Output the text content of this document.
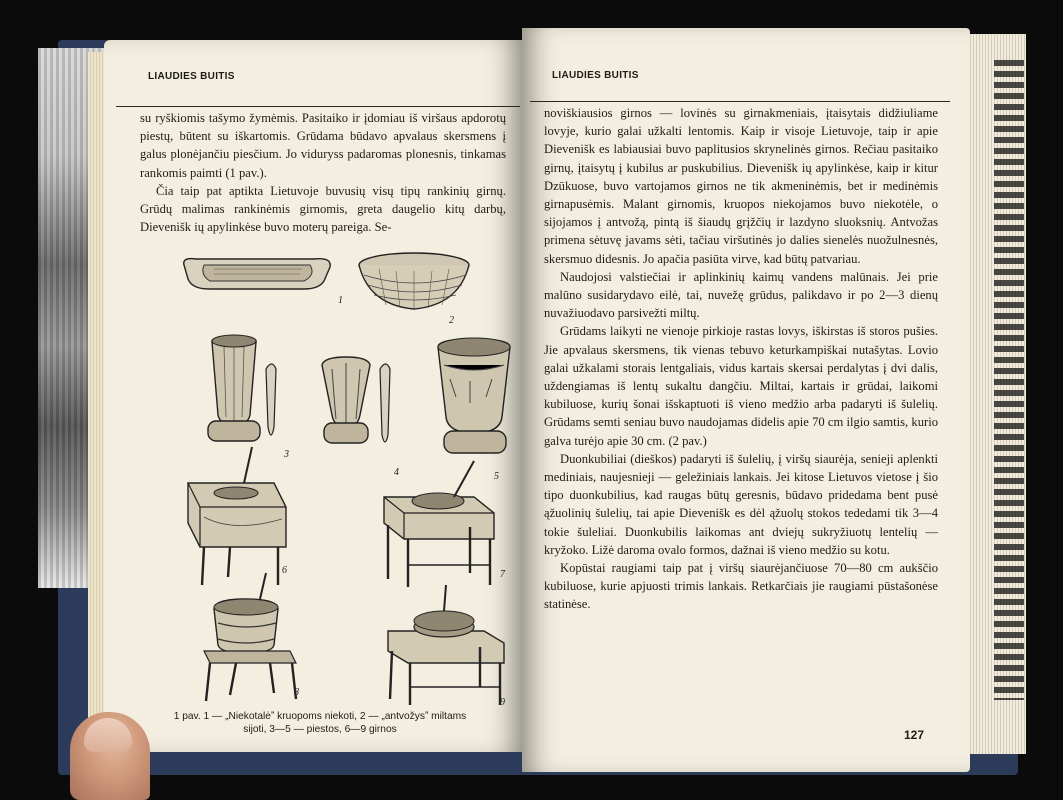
LIAUDIES BUITIS

su ryškiomis tašymo žymėmis. Pasitaiko ir įdomiau iš viršaus apdorotų piestų, būtent su iškartomis. Grūdama būdavo apvalaus skersmens į galus plonėjančiu piesčium. Jo viduryss padaromas plonesnis, tinkamas rankomis paimti (1 pav.).

Čia taip pat aptikta Lietuvoje buvusių visų tipų rankinių girnų. Grūdų malimas rankinėmis girnomis, greta daugelio kitų darbų, Dievenišk ių apylinkėse buvo moterų pareiga. Se-

1
2
3
4	5
6	7
8
9
1 pav. 1 — „Niekotalėˮ kruopoms niekoti, 2 — „antvožysˮ miltams
sijoti, 3—5 — piestos, 6—9 girnos
LIAUDIES BUITIS

noviškiausios girnos — lovinės su girnakmeniais, įtaisytais didžiuliame lovyje, kurio galai užkalti lentomis. Kaip ir visoje Lietuvoje, taip ir apie Dievenišk es labiausiai buvo paplitusios skrynelinės girnos. Rečiau pasitaiko girnų, įtaisytų į kubilus ar puskubilius. Dievenišk ių apylinkėse, kaip ir kitur Dzūkuose, buvo vartojamos girnos ne tik akmeninėmis, bet ir medinėmis girnapusėmis. Malant girnomis, kruopos niekojamos buvo niekotėle, o sijojamos į antvožą, pintą iš šiaudų grįžčių ir lazdyno sluoksnių. Antvožas primena sėtuvę javams sėti, tačiau viršutinės jo dalies sienelės nuožulnesnės, skersmuo didesnis. Jo apačia pasiūta virve, kad būtų patvariau.

Naudojosi valstiečiai ir aplinkinių kaimų vandens malūnais. Jei prie malūno susidarydavo eilė, tai, nuvežę grūdus, palikdavo ir po 2—3 dienų nuvažiuodavo parsivežti miltų.

Grūdams laikyti ne vienoje pirkioje rastas lovys, iškirstas iš storos pušies. Jie apvalaus skersmens, tik vienas tebuvo keturkampiškai nutašytas. Lovio galai užkalami storais lentgaliais, vidus kartais skersai perdalytas į dvi dalis, uždengiamas iš lentų sukaltu dangčiu. Miltai, kartais ir grūdai, laikomi kubiluose, kurių šonai išskaptuoti iš vieno medžio arba padaryti iš šulelių. Grūdams semti seniau buvo naudojamas didelis apie 70 cm ilgio samtis, kurio galva turėjo apie 30 cm. (2 pav.)

Duonkubiliai (dieškos) padaryti iš šulelių, į viršų siaurėja, senieji aplenkti mediniais, naujesnieji — geležiniais lankais. Jei kitose Lietuvos vietose į šio tipo duonkubilius, kad raugas būtų geresnis, būdavo pridedama bent pusė ąžuolinių šulelių, tai apie Dievenišk es dėl ąžuolų stokos tededami tik 3—4 tokie šuleliai. Duonkubilis laikomas ant dviejų sukryžiuotų lentelių — kryžoko. Ližė daroma ovalo formos, dažnai iš vieno medžio su kotu.

Kopūstai raugiami taip pat į viršų siaurėjančiuose 70—80 cm aukščio kubiluose, kurie apjuosti trimis lankais. Retkarčiais jie raugiami pūstašonėse statinėse.

127
